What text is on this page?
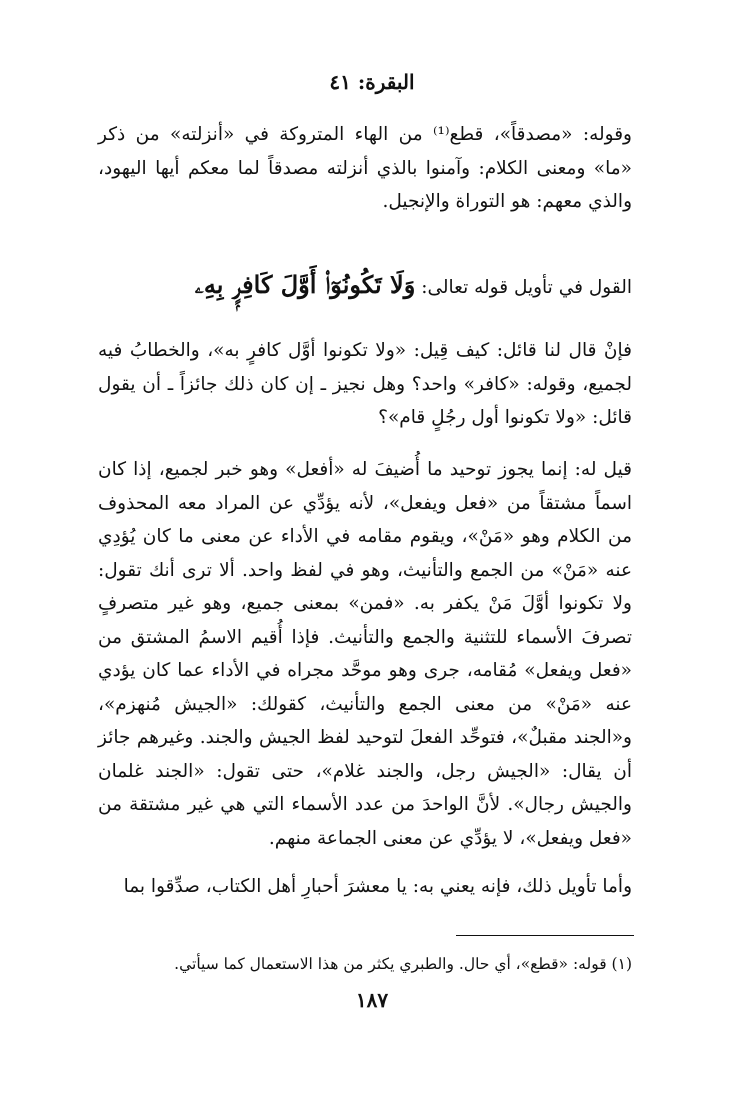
البقرة: ٤١

وقوله: «مصدقاً»، قطع⁽¹⁾ من الهاء المتروكة في «أنزلته» من ذكر «ما» ومعنى الكلام: وآمنوا بالذي أنزلته مصدقاً لما معكم أيها اليهود، والذي معهم: هو التوراة والإنجيل.

القول في تأويل قوله تعالى: وَلَا تَكُونُوٓا۟ أَوَّلَ كَافِرٍۭ بِهِۦ

فإنْ قال لنا قائل: كيف قِيل: «ولا تكونوا أوَّل كافرٍ به»، والخطابُ فيه لجميع، وقوله: «كافر» واحد؟ وهل نجيز ـ إن كان ذلك جائزاً ـ أن يقول قائل: «ولا تكونوا أول رجُلٍ قام»؟

قيل له: إنما يجوز توحيد ما أُضيفَ له «أفعل» وهو خبر لجميع، إذا كان اسماً مشتقاً من «فعل ويفعل»، لأنه يؤدِّي عن المراد معه المحذوف من الكلام وهو «مَنْ»، ويقوم مقامه في الأداء عن معنى ما كان يُؤدِي عنه «مَنْ» من الجمع والتأنيث، وهو في لفظ واحد. ألا ترى أنك تقول: ولا تكونوا أوَّلَ مَنْ يكفر به. «فمن» بمعنى جميع، وهو غير متصرفٍ تصرفَ الأسماء للتثنية والجمع والتأنيث. فإذا أُقيم الاسمُ المشتق من «فعل ويفعل» مُقامه، جرى وهو موحَّد مجراه في الأداء عما كان يؤدي عنه «مَنْ» من معنى الجمع والتأنيث، كقولك: «الجيش مُنهزم»، و«الجند مقبلٌ»، فتوحِّد الفعلَ لتوحيد لفظ الجيش والجند. وغيرهم جائز أن يقال: «الجيش رجل، والجند غلام»، حتى تقول: «الجند غلمان والجيش رجال». لأنَّ الواحدَ من عدد الأسماء التي هي غير مشتقة من «فعل ويفعل»، لا يؤدِّي عن معنى الجماعة منهم.

وأما تأويل ذلك، فإنه يعني به: يا معشرَ أحبارِ أهل الكتاب، صدِّقوا بما

(١) قوله: «قطع»، أي حال. والطبري يكثر من هذا الاستعمال كما سيأتي.
١٨٧
